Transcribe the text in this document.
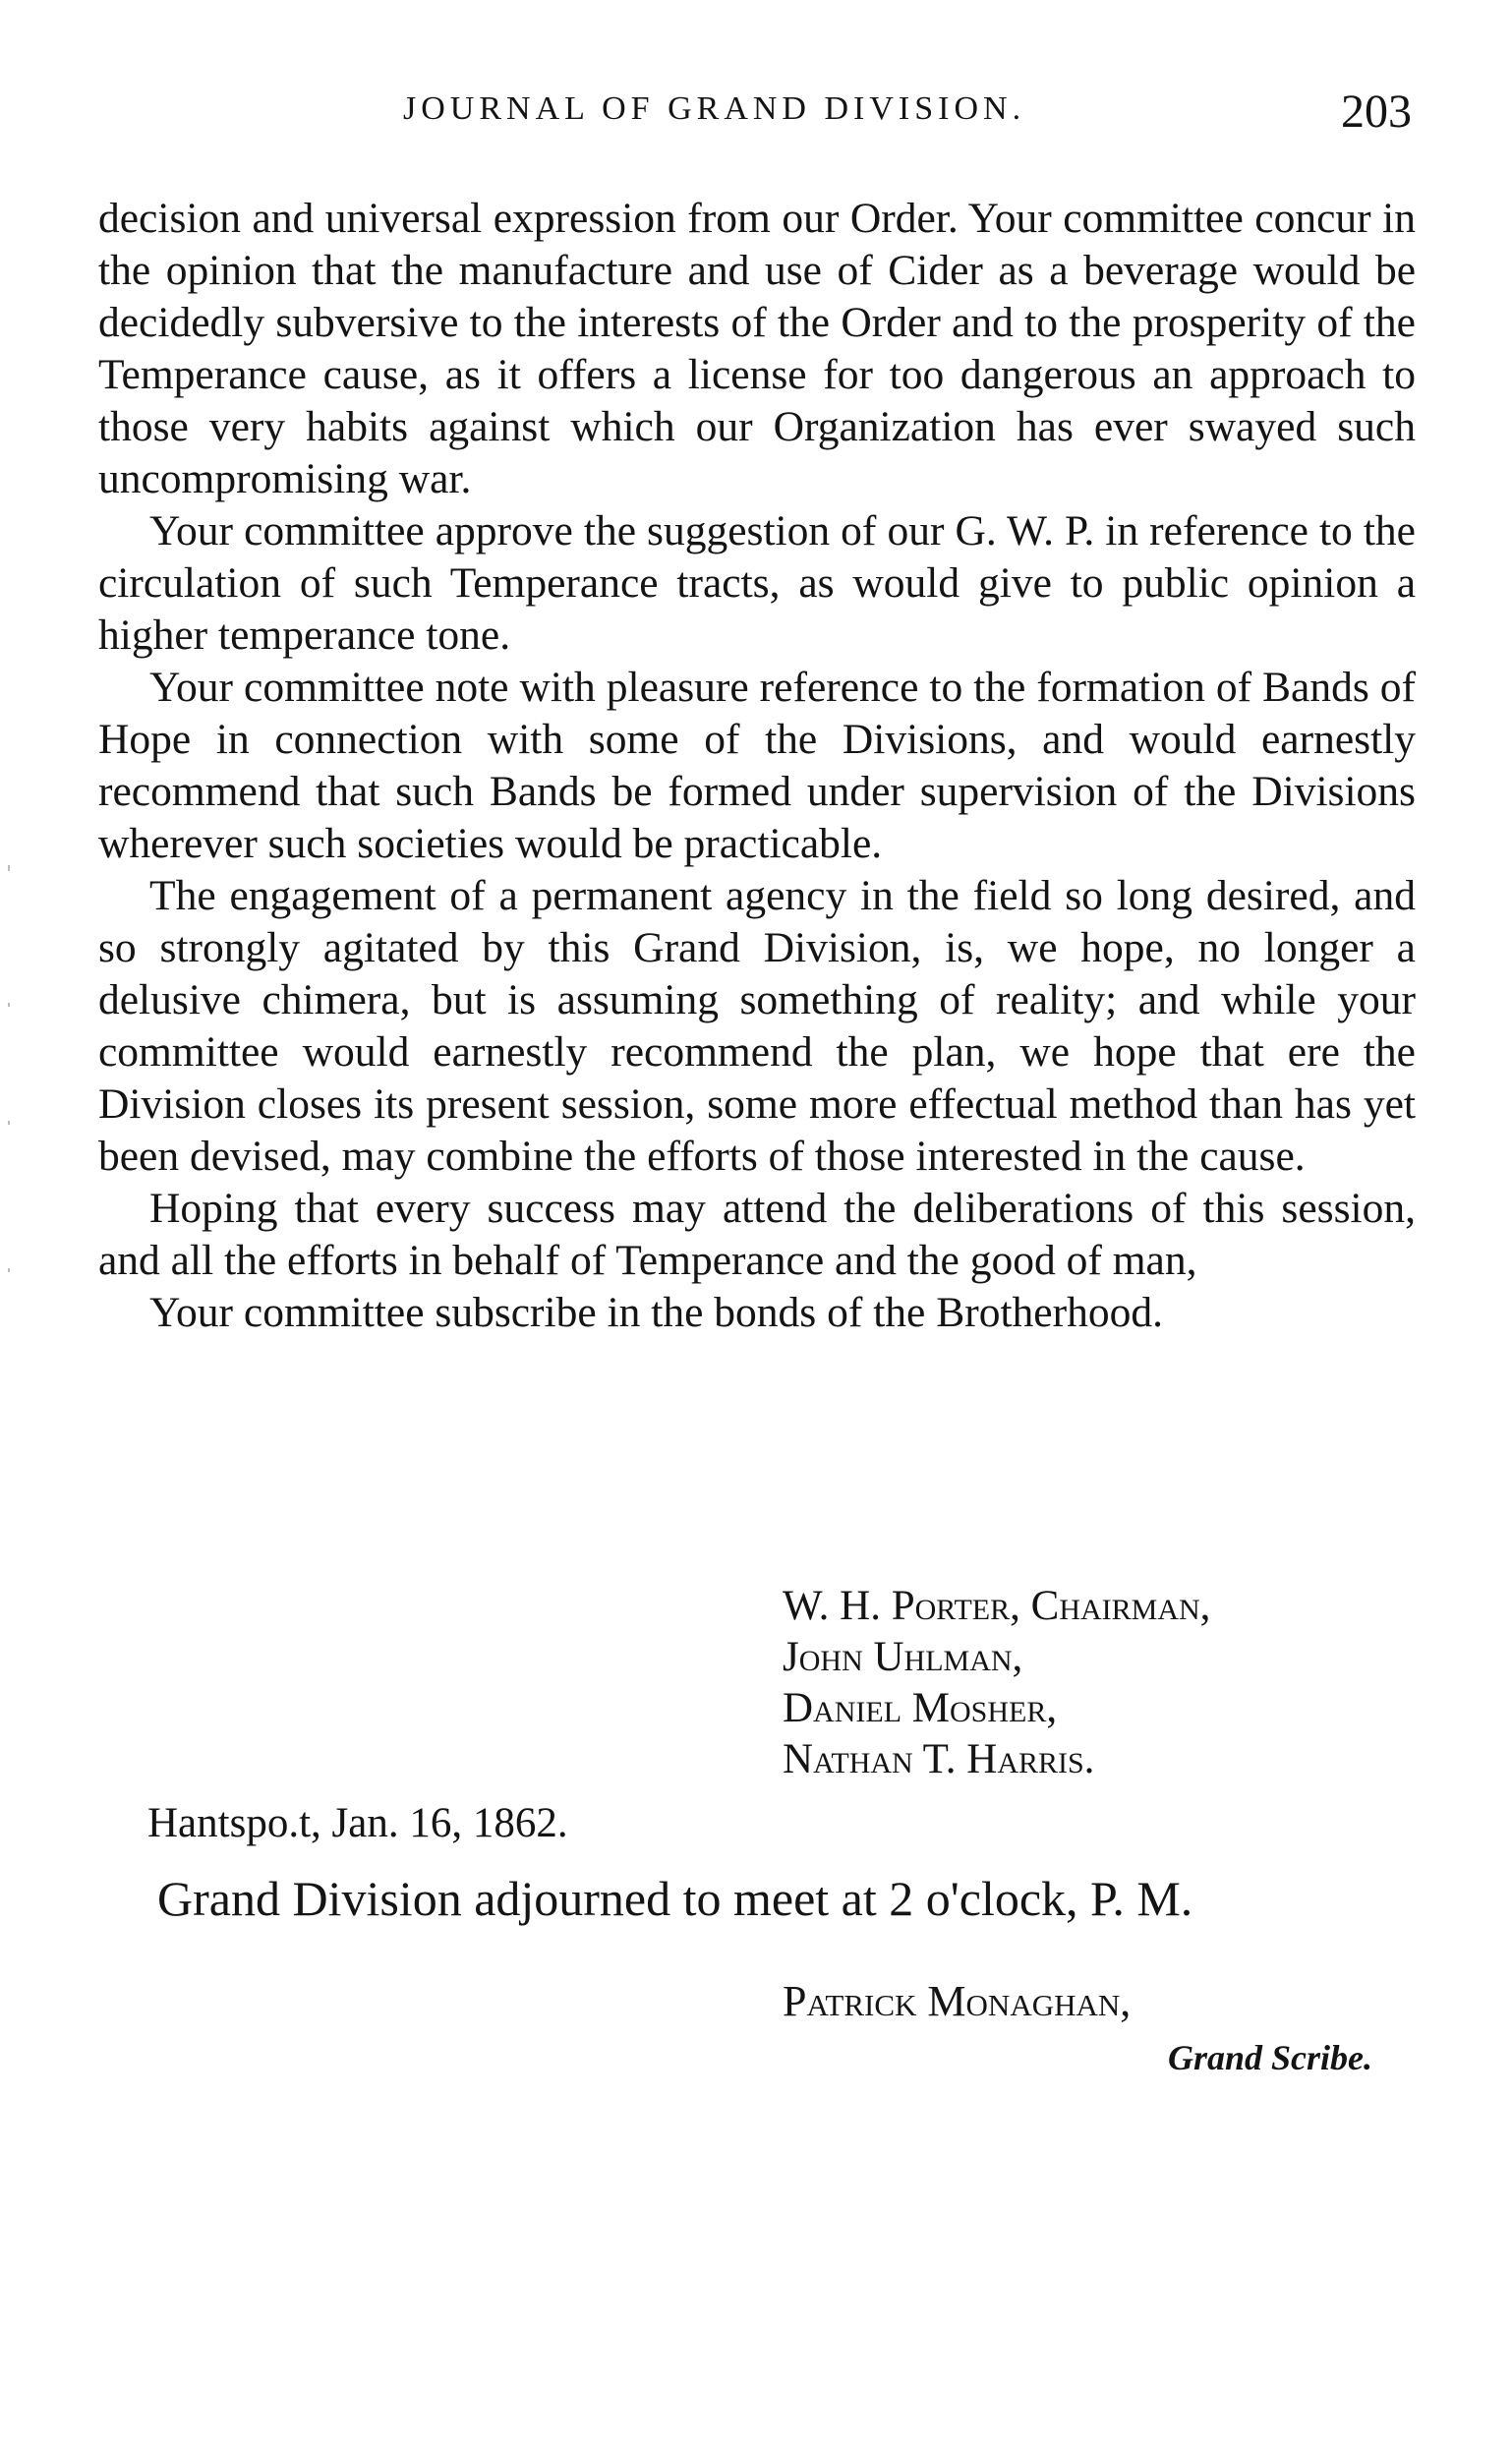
JOURNAL OF GRAND DIVISION.	203

decision and universal expression from our Order. Your committee concur in the opinion that the manufacture and use of Cider as a beverage would be decidedly subversive to the interests of the Order and to the prosperity of the Temperance cause, as it offers a license for too dangerous an approach to those very habits against which our Organization has ever swayed such uncompromising war.

Your committee approve the suggestion of our G. W. P. in reference to the circulation of such Temperance tracts, as would give to public opinion a higher temperance tone.

Your committee note with pleasure reference to the formation of Bands of Hope in connection with some of the Divisions, and would earnestly recommend that such Bands be formed under supervision of the Divisions wherever such societies would be practicable.

The engagement of a permanent agency in the field so long desired, and so strongly agitated by this Grand Division, is, we hope, no longer a delusive chimera, but is assuming something of reality; and while your committee would earnestly recommend the plan, we hope that ere the Division closes its present session, some more effectual method than has yet been devised, may combine the efforts of those interested in the cause.

Hoping that every success may attend the deliberations of this session, and all the efforts in behalf of Temperance and the good of man,

Your committee subscribe in the bonds of the Brotherhood.

W. H. Porter, Chairman,
John Uhlman,
Daniel Mosher,
Nathan T. Harris.
Hantspo.t, Jan. 16, 1862.
Grand Division adjourned to meet at 2 o'clock, P. M.
Patrick Monaghan,
Grand Scribe.
